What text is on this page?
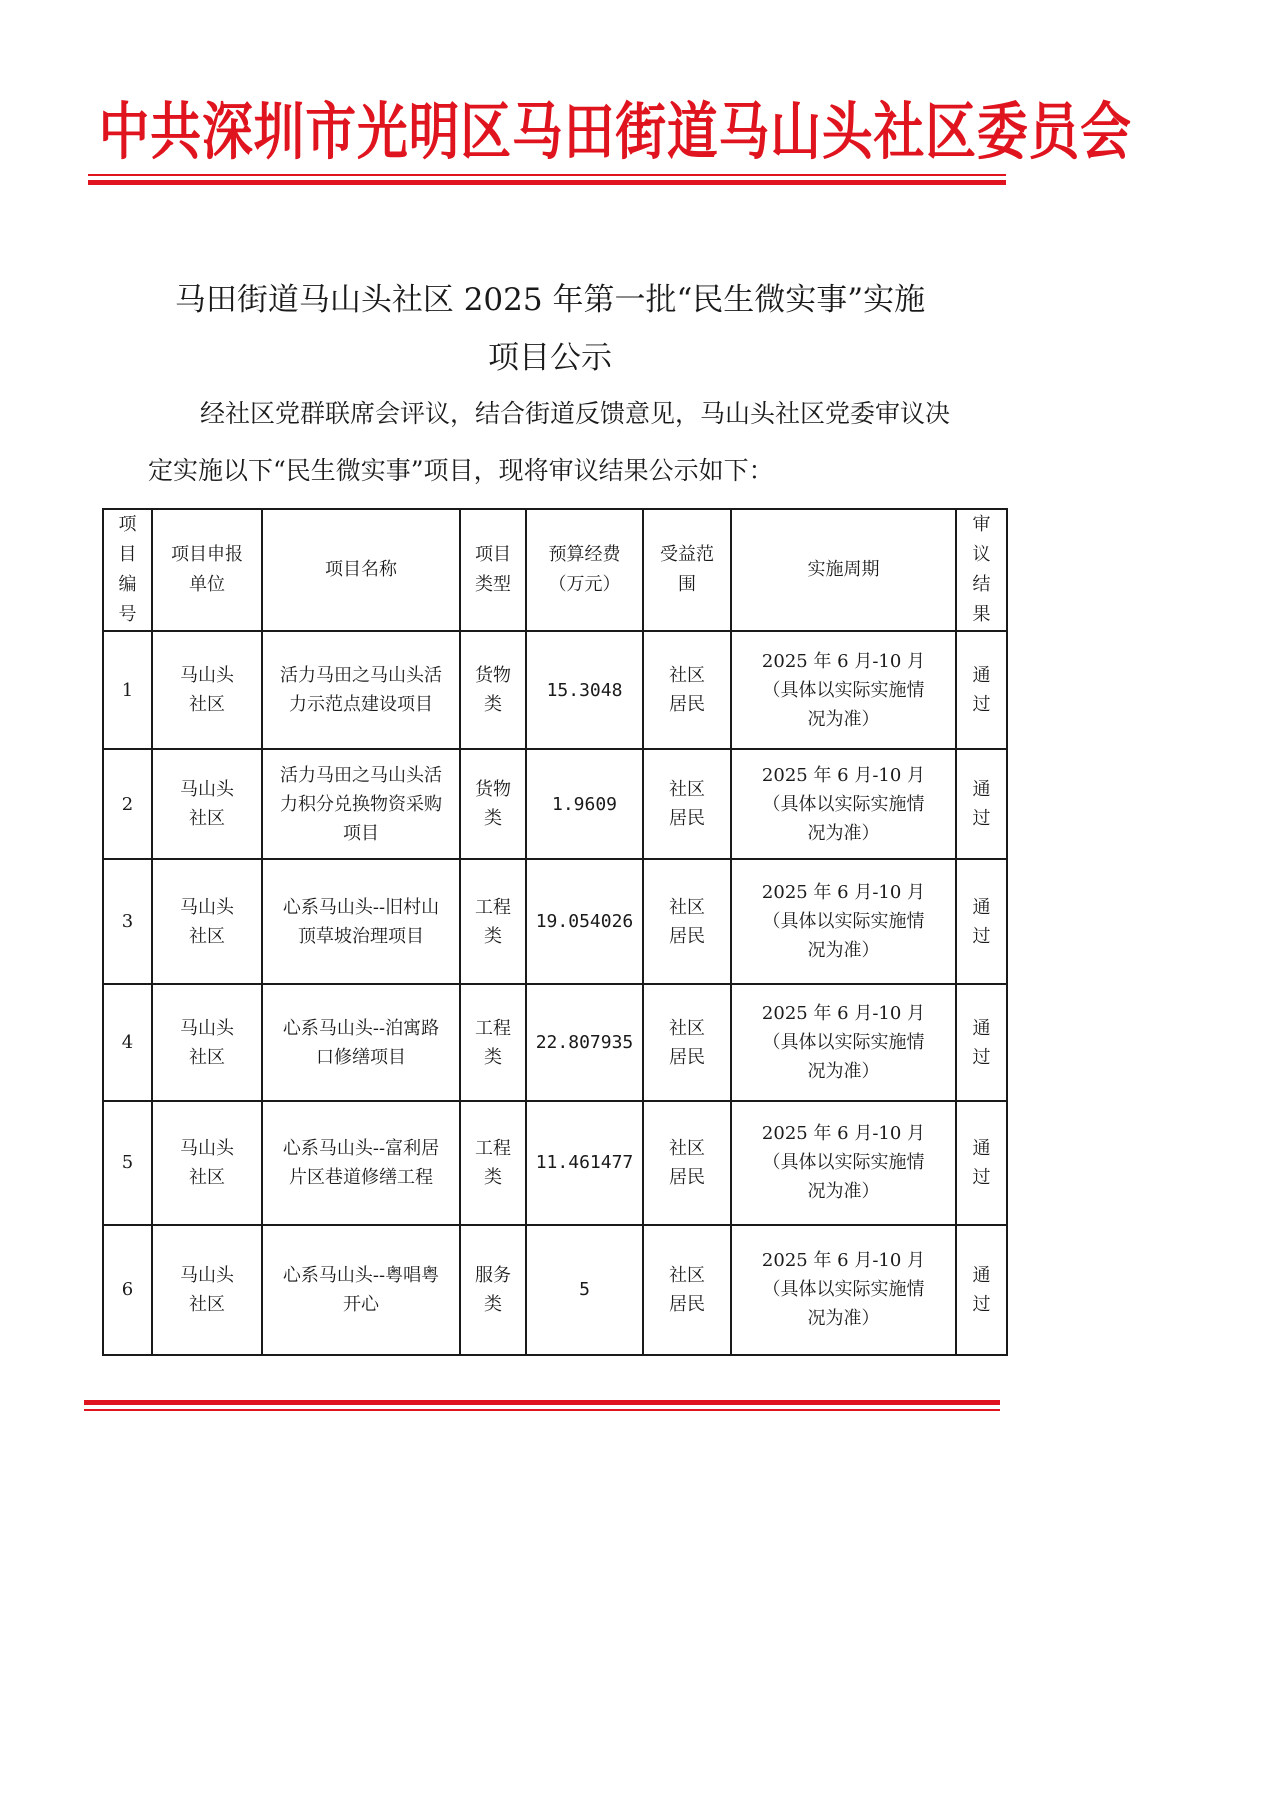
中共深圳市光明区马田街道马山头社区委员会
马田街道马山头社区 2025 年第一批“民生微实事”实施
项目公示
经社区党群联席会评议，结合街道反馈意见，马山头社区党委审议决
定实施以下“民生微实事”项目，现将审议结果公示如下：
项目编号	项目申报单位	项目名称	项目类型	预算经费（万元）	受益范围	实施周期	审议结果
1	马山头社区	活力马田之马山头活力示范点建设项目	货物类	15.3048	社区居民	2025 年 6 月-10 月（具体以实际实施情况为准）	通过
2	马山头社区	活力马田之马山头活力积分兑换物资采购项目	货物类	1.9609	社区居民	2025 年 6 月-10 月（具体以实际实施情况为准）	通过
3	马山头社区	心系马山头--旧村山顶草坡治理项目	工程类	19.054026	社区居民	2025 年 6 月-10 月（具体以实际实施情况为准）	通过
4	马山头社区	心系马山头--泊寓路口修缮项目	工程类	22.807935	社区居民	2025 年 6 月-10 月（具体以实际实施情况为准）	通过
5	马山头社区	心系马山头--富利居片区巷道修缮工程	工程类	11.461477	社区居民	2025 年 6 月-10 月（具体以实际实施情况为准）	通过
6	马山头社区	心系马山头--粤唱粤开心	服务类	5	社区居民	2025 年 6 月-10 月（具体以实际实施情况为准）	通过
